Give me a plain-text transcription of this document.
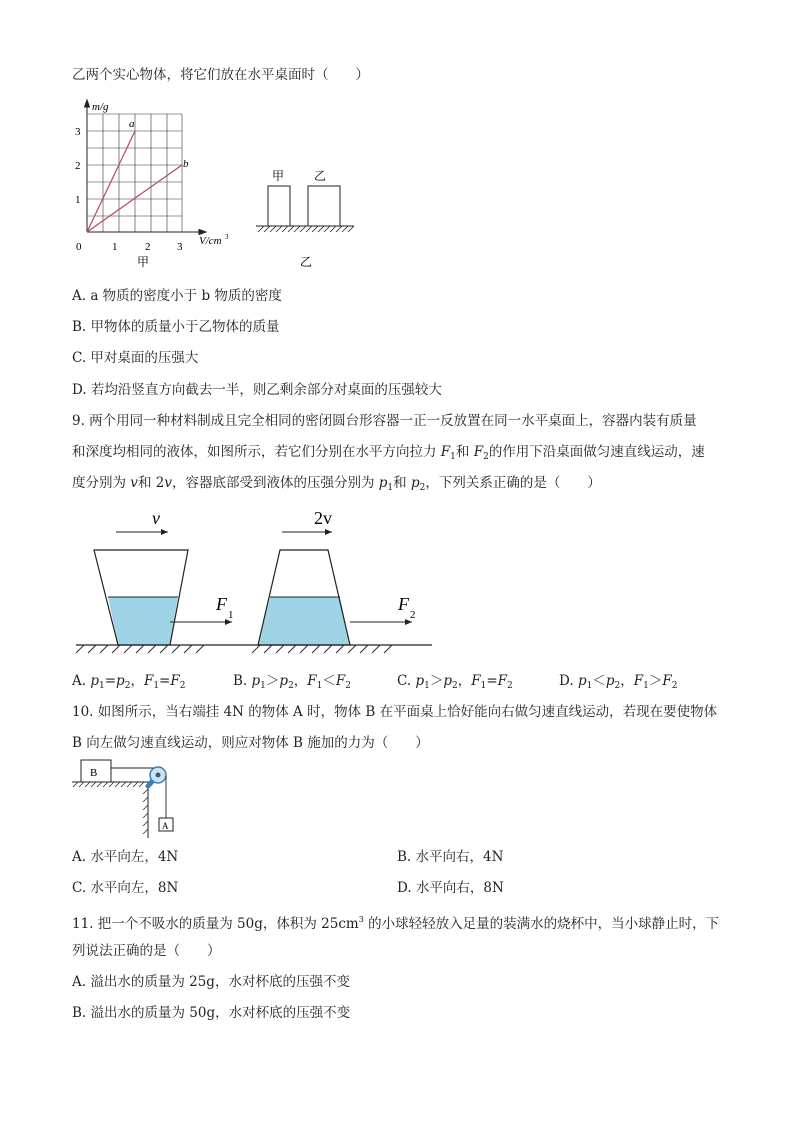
乙两个实心物体，将它们放在水平桌面时（　　）
m/g
3
2
1
0	1	2 3 V/cm 3
a
b
甲
甲 乙
乙
A. a 物质的密度小于 b 物质的密度
B. 甲物体的质量小于乙物体的质量
C. 甲对桌面的压强大
D. 若均沿竖直方向截去一半，则乙剩余部分对桌面的压强较大
9. 两个用同一种材料制成且完全相同的密闭圆台形容器一正一反放置在同一水平桌面上，容器内装有质量
和深度均相同的液体，如图所示，若它们分别在水平方向拉力 $F_1$和 $F_2$的作用下沿桌面做匀速直线运动，速
度分别为 v和 2v，容器底部受到液体的压强分别为 $p_1$和 $p_2$，下列关系正确的是（　　）
v
F
1
2v
F
2
A. $p_1=p_2$，$F_1=F_2$	B. $p_1>p_2$，$F_1<F_2$	C. $p_1>p_2$，$F_1=F_2$	D. $p_1<p_2$，$F_1>F_2$
10. 如图所示，当右端挂 4N 的物体 A 时，物体 B 在平面桌上恰好能向右做匀速直线运动，若现在要使物体
B 向左做匀速直线运动，则应对物体 B 施加的力为（　　）
B
A
A. 水平向左，4N	B. 水平向右，4N
C. 水平向左，8N	D. 水平向右，8N
11. 把一个不吸水的质量为 50g，体积为 $25cm^3$ 的小球轻轻放入足量的装满水的烧杯中，当小球静止时，下
列说法正确的是（　　）
A. 溢出水的质量为 25g，水对杯底的压强不变
B. 溢出水的质量为 50g，水对杯底的压强不变
